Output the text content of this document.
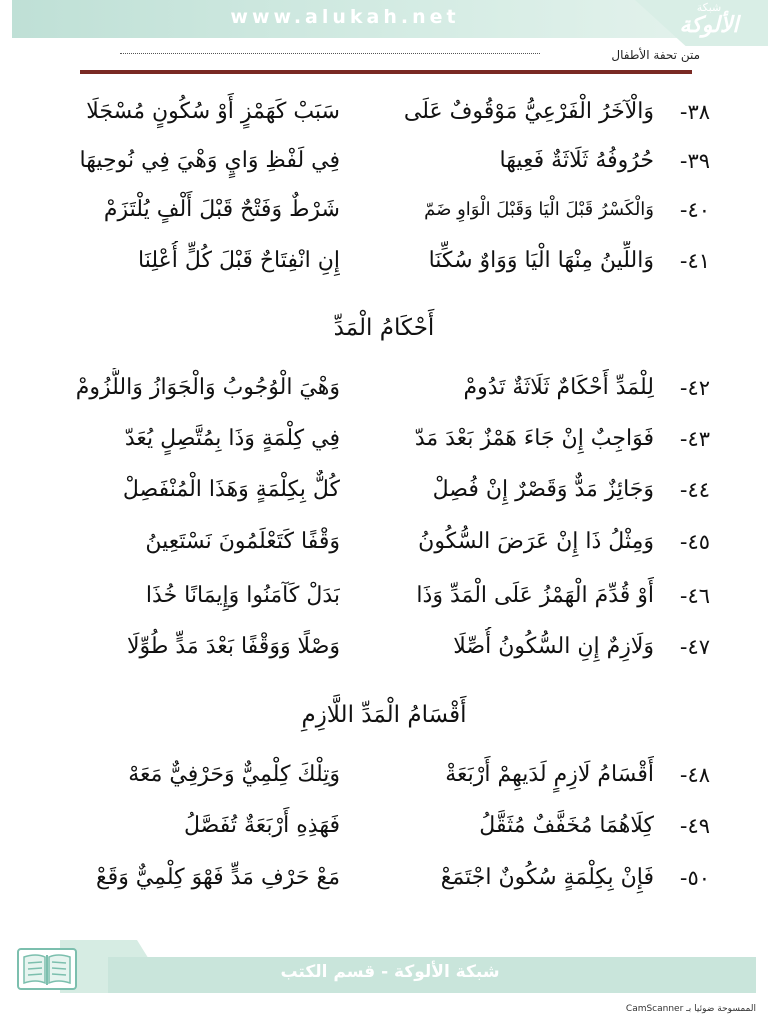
www.alukah.net	شبكة
الألوكة
متن تحفة الأطفال
٣٨-
وَالْآخَرُ الْفَرْعِيُّ مَوْقُوفٌ عَلَى
سَبَبْ كَهَمْزٍ أَوْ سُكُونٍ مُسْجَلَا
٣٩-
حُرُوفُهُ ثَلَاثَةٌ فَعِيهَا
فِي لَفْظِ وَايٍ وَهْيَ فِي نُوحِيهَا
٤٠-
وَالْكَسْرُ قَبْلَ الْيَا وَقَبْلَ الْوَاوِ ضَمّ
شَرْطٌ وَفَتْحٌ قَبْلَ أَلْفٍ يُلْتَزَمْ
٤١-
وَاللِّينُ مِنْهَا الْيَا وَوَاوٌ سُكِّنَا
إِنِ انْفِتَاحٌ قَبْلَ كُلٍّ أُعْلِنَا
أَحْكَامُ الْمَدِّ
٤٢-
لِلْمَدِّ أَحْكَامٌ ثَلَاثَةٌ تَدُومْ
وَهْيَ الْوُجُوبُ وَالْجَوَازُ وَاللُّزُومْ
٤٣-
فَوَاجِبٌ إِنْ جَاءَ هَمْزٌ بَعْدَ مَدّ
فِي كِلْمَةٍ وَذَا بِمُتَّصِلٍ يُعَدّ
٤٤-
وَجَائِزٌ مَدٌّ وَقَصْرٌ إِنْ فُصِلْ
كُلٌّ بِكِلْمَةٍ وَهَذَا الْمُنْفَصِلْ
٤٥-
وَمِثْلُ ذَا إِنْ عَرَضَ السُّكُونُ
وَقْفًا كَتَعْلَمُونَ نَسْتَعِينُ
٤٦-
أَوْ قُدِّمَ الْهَمْزُ عَلَى الْمَدِّ وَذَا
بَدَلْ كَآمَنُوا وَإِيمَانًا خُذَا
٤٧-
وَلَازِمٌ إِنِ السُّكُونُ أُصِّلَا
وَصْلًا وَوَقْفًا بَعْدَ مَدٍّ طُوِّلَا
أَقْسَامُ الْمَدِّ اللَّازِمِ
٤٨-
أَقْسَامُ لَازِمٍ لَدَيهِمْ أَرْبَعَةْ
وَتِلْكَ كِلْمِيٌّ وَحَرْفِيٌّ مَعَهْ
٤٩-
كِلَاهُمَا مُخَفَّفٌ مُثَقَّلُ
فَهَذِهِ أَرْبَعَةٌ تُفَصَّلُ
٥٠-
فَإِنْ بِكِلْمَةٍ سُكُونٌ اجْتَمَعْ
مَعْ حَرْفِ مَدٍّ فَهْوَ كِلْمِيٌّ وَقَعْ
شبكة الألوكة - قسم الكتب
الممسوحة ضوئيا بـ CamScanner
